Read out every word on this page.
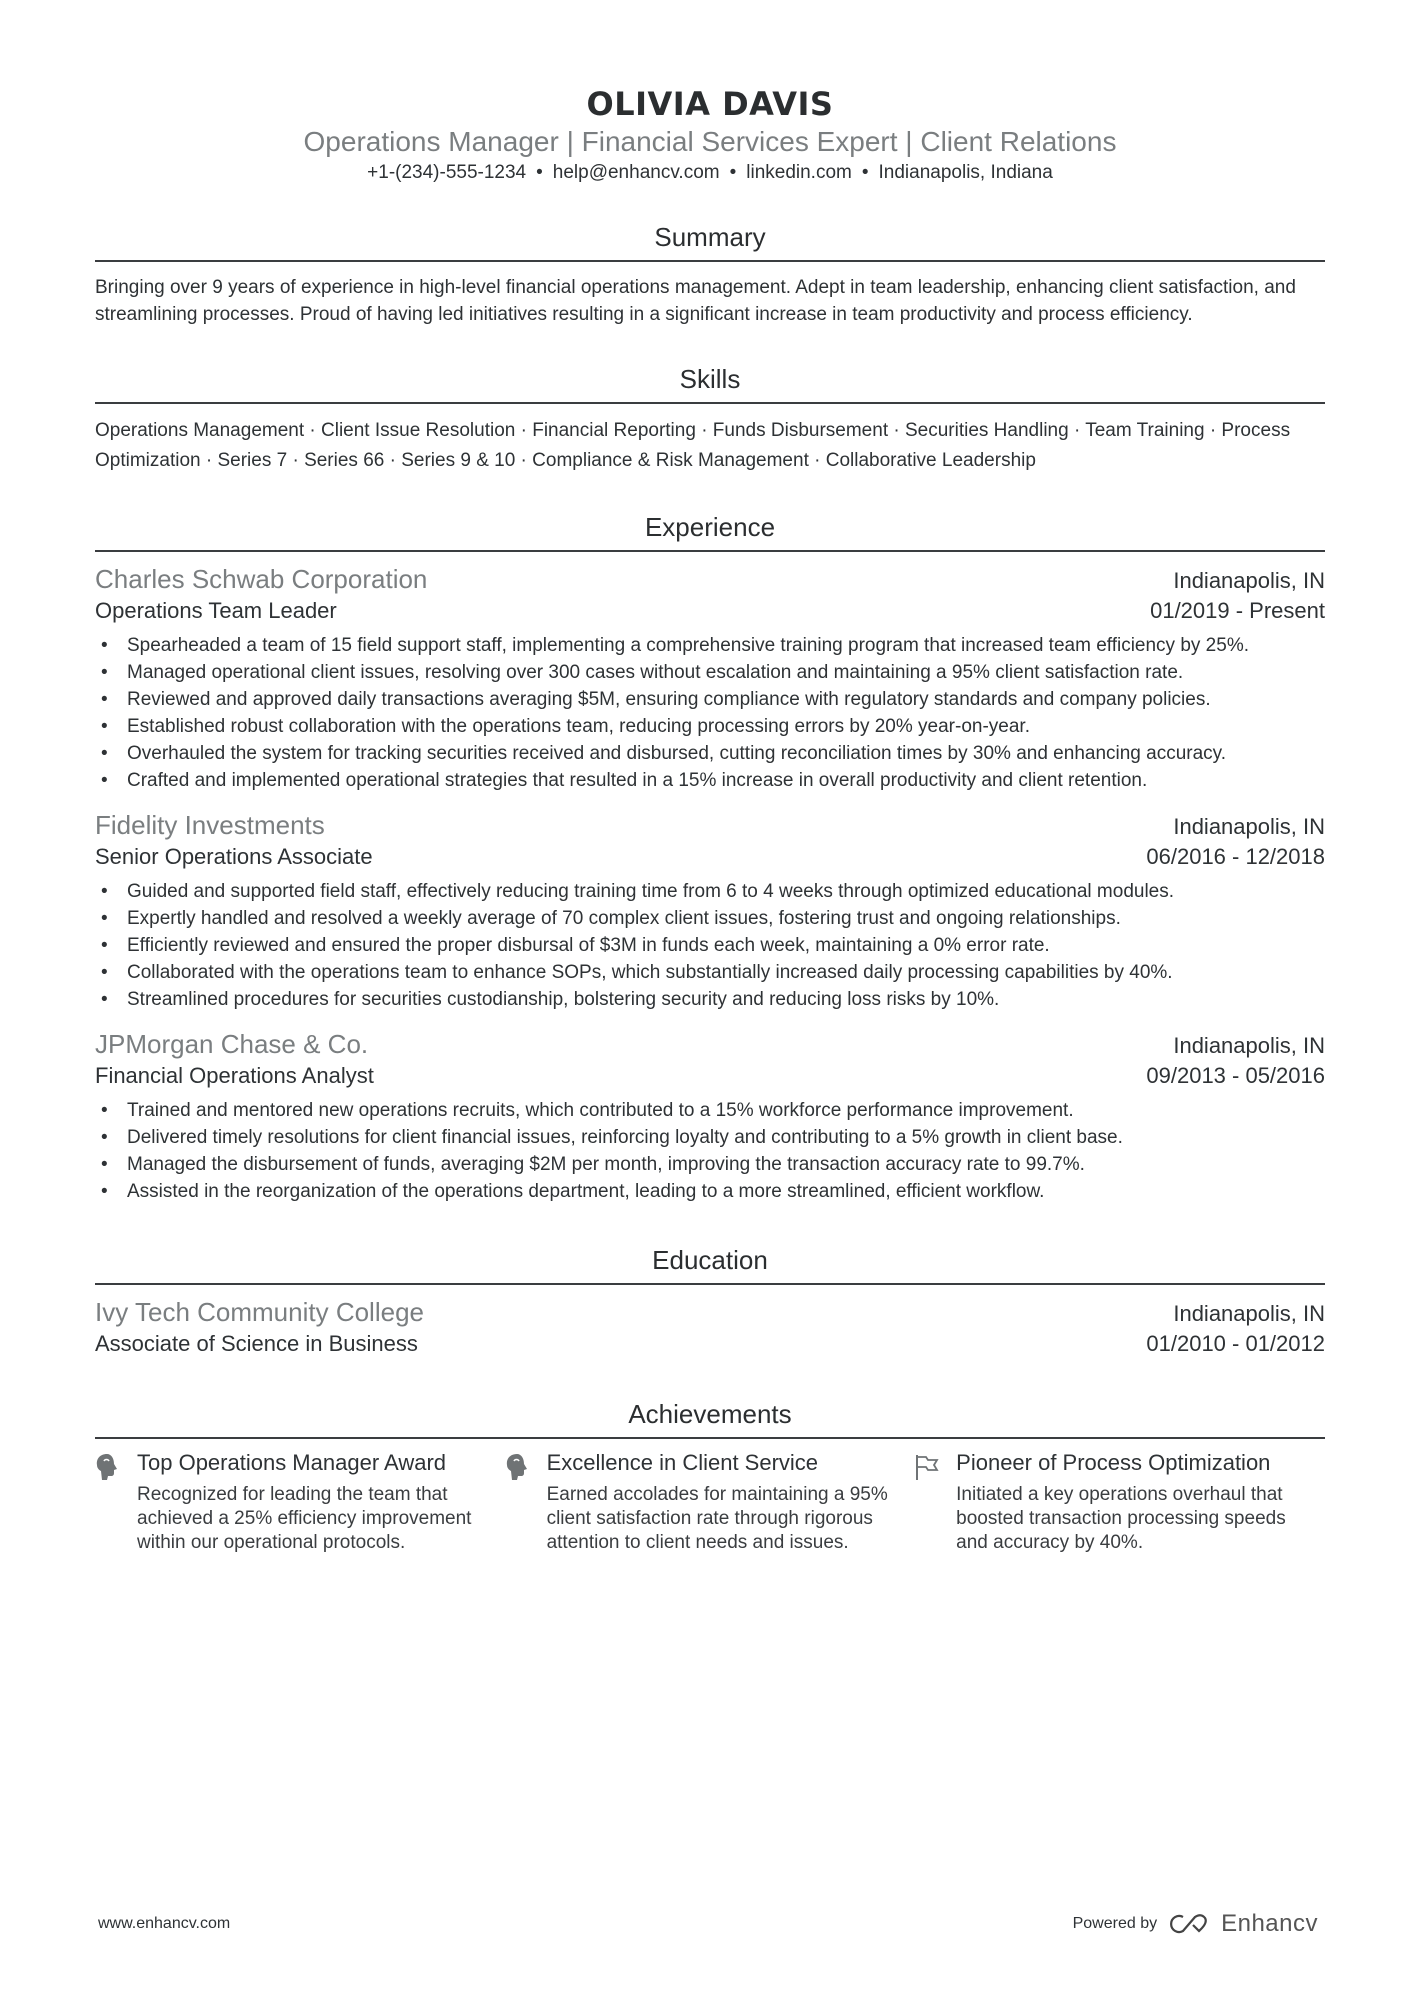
OLIVIA DAVIS
Operations Manager | Financial Services Expert | Client Relations
+1-(234)-555-1234 • help@enhancv.com • linkedin.com • Indianapolis, Indiana
Summary
Bringing over 9 years of experience in high-level financial operations management. Adept in team leadership, enhancing client satisfaction, and streamlining processes. Proud of having led initiatives resulting in a significant increase in team productivity and process efficiency.
Skills
Operations Management · Client Issue Resolution · Financial Reporting · Funds Disbursement · Securities Handling · Team Training · Process Optimization · Series 7 · Series 66 · Series 9 & 10 · Compliance & Risk Management · Collaborative Leadership
Experience
Charles Schwab Corporation	Indianapolis, IN
Operations Team Leader	01/2019 - Present
• Spearheaded a team of 15 field support staff, implementing a comprehensive training program that increased team efficiency by 25%.
• Managed operational client issues, resolving over 300 cases without escalation and maintaining a 95% client satisfaction rate.
• Reviewed and approved daily transactions averaging $5M, ensuring compliance with regulatory standards and company policies.
• Established robust collaboration with the operations team, reducing processing errors by 20% year-on-year.
• Overhauled the system for tracking securities received and disbursed, cutting reconciliation times by 30% and enhancing accuracy.
• Crafted and implemented operational strategies that resulted in a 15% increase in overall productivity and client retention.
Fidelity Investments	Indianapolis, IN
Senior Operations Associate	06/2016 - 12/2018
• Guided and supported field staff, effectively reducing training time from 6 to 4 weeks through optimized educational modules.
• Expertly handled and resolved a weekly average of 70 complex client issues, fostering trust and ongoing relationships.
• Efficiently reviewed and ensured the proper disbursal of $3M in funds each week, maintaining a 0% error rate.
• Collaborated with the operations team to enhance SOPs, which substantially increased daily processing capabilities by 40%.
• Streamlined procedures for securities custodianship, bolstering security and reducing loss risks by 10%.
JPMorgan Chase & Co.	Indianapolis, IN
Financial Operations Analyst	09/2013 - 05/2016
• Trained and mentored new operations recruits, which contributed to a 15% workforce performance improvement.
• Delivered timely resolutions for client financial issues, reinforcing loyalty and contributing to a 5% growth in client base.
• Managed the disbursement of funds, averaging $2M per month, improving the transaction accuracy rate to 99.7%.
• Assisted in the reorganization of the operations department, leading to a more streamlined, efficient workflow.
Education
Ivy Tech Community College	Indianapolis, IN
Associate of Science in Business	01/2010 - 01/2012
Achievements
Top Operations Manager Award
Recognized for leading the team that achieved a 25% efficiency improvement within our operational protocols.
Excellence in Client Service
Earned accolades for maintaining a 95% client satisfaction rate through rigorous attention to client needs and issues.
Pioneer of Process Optimization
Initiated a key operations overhaul that boosted transaction processing speeds and accuracy by 40%.
www.enhancv.com	Powered by	Enhancv
